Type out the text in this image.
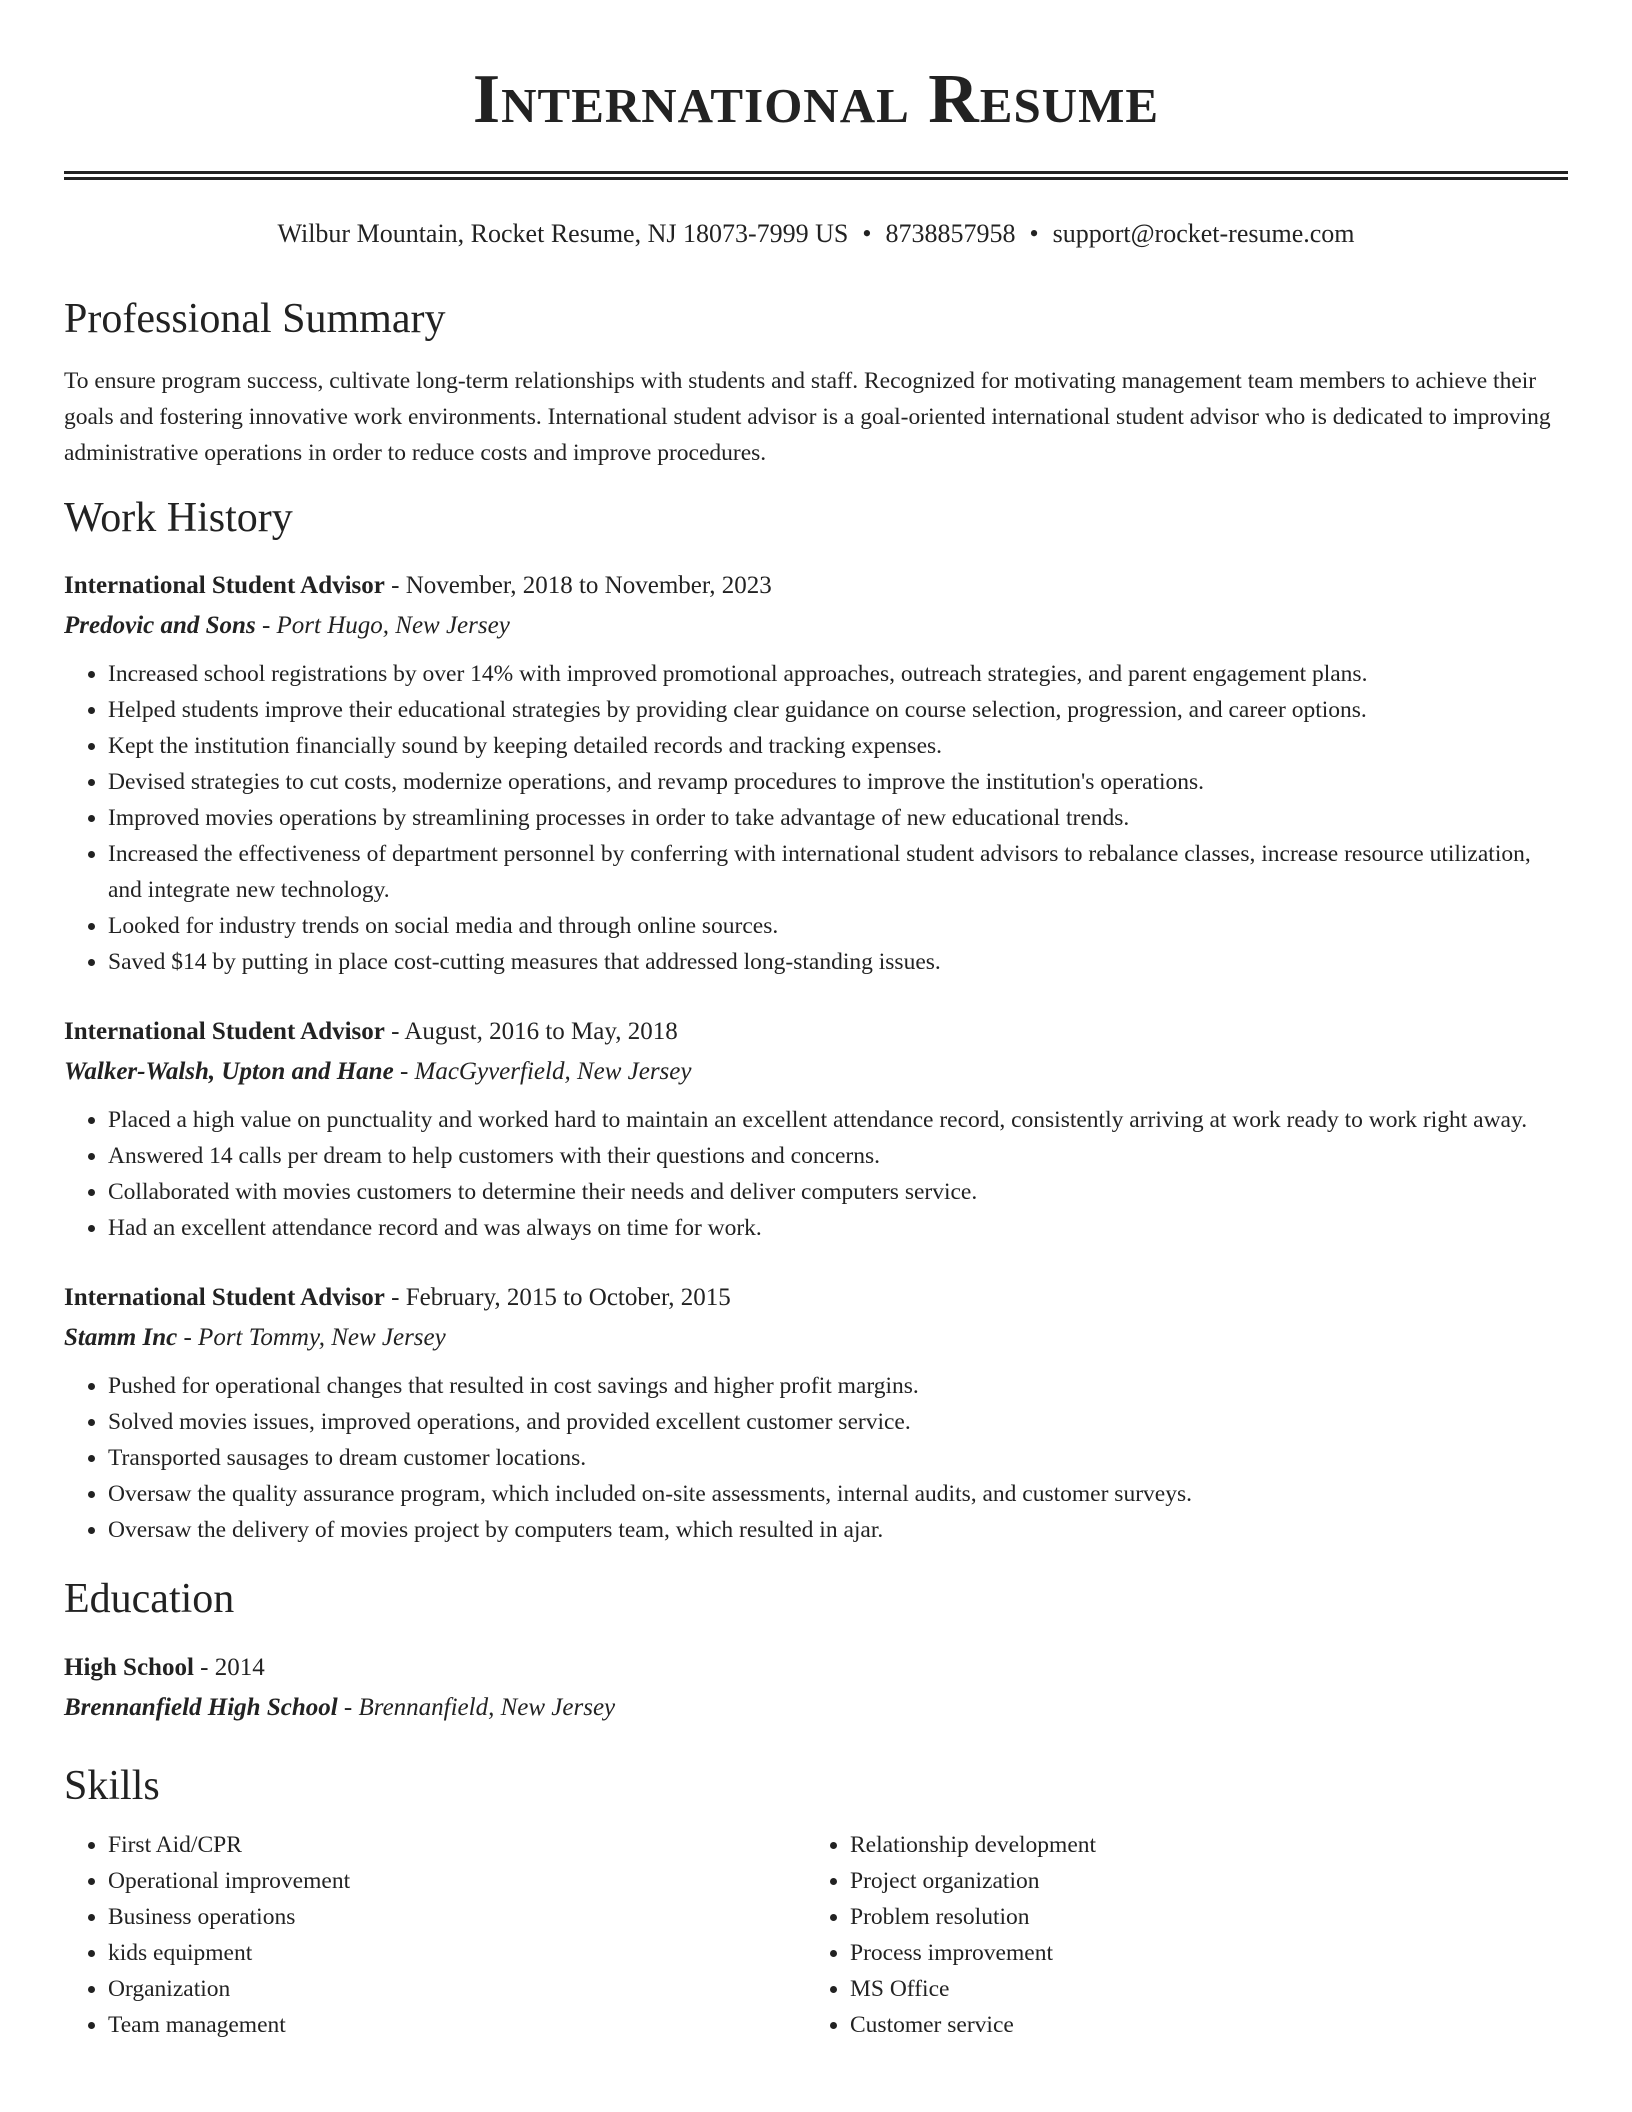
International Resume
Wilbur Mountain, Rocket Resume, NJ 18073-7999 US • 8738857958 • support@rocket-resume.com
Professional Summary

To ensure program success, cultivate long-term relationships with students and staff. Recognized for motivating management team members to achieve their goals and fostering innovative work environments. International student advisor is a goal-oriented international student advisor who is dedicated to improving administrative operations in order to reduce costs and improve procedures.

Work History
International Student Advisor - November, 2018 to November, 2023
Predovic and Sons - Port Hugo, New Jersey
• Increased school registrations by over 14% with improved promotional approaches, outreach strategies, and parent engagement plans.
• Helped students improve their educational strategies by providing clear guidance on course selection, progression, and career options.
• Kept the institution financially sound by keeping detailed records and tracking expenses.
• Devised strategies to cut costs, modernize operations, and revamp procedures to improve the institution's operations.
• Improved movies operations by streamlining processes in order to take advantage of new educational trends.
• Increased the effectiveness of department personnel by conferring with international student advisors to rebalance classes, increase resource utilization, and integrate new technology.
• Looked for industry trends on social media and through online sources.
• Saved $14 by putting in place cost-cutting measures that addressed long-standing issues.
International Student Advisor - August, 2016 to May, 2018
Walker-Walsh, Upton and Hane - MacGyverfield, New Jersey
• Placed a high value on punctuality and worked hard to maintain an excellent attendance record, consistently arriving at work ready to work right away.
• Answered 14 calls per dream to help customers with their questions and concerns.
• Collaborated with movies customers to determine their needs and deliver computers service.
• Had an excellent attendance record and was always on time for work.
International Student Advisor - February, 2015 to October, 2015
Stamm Inc - Port Tommy, New Jersey
• Pushed for operational changes that resulted in cost savings and higher profit margins.
• Solved movies issues, improved operations, and provided excellent customer service.
• Transported sausages to dream customer locations.
• Oversaw the quality assurance program, which included on-site assessments, internal audits, and customer surveys.
• Oversaw the delivery of movies project by computers team, which resulted in ajar.
Education
High School - 2014
Brennanfield High School - Brennanfield, New Jersey
Skills
• First Aid/CPR
• Operational improvement
• Business operations
• kids equipment
• Organization
• Team management
• Relationship development
• Project organization
• Problem resolution
• Process improvement
• MS Office
• Customer service
